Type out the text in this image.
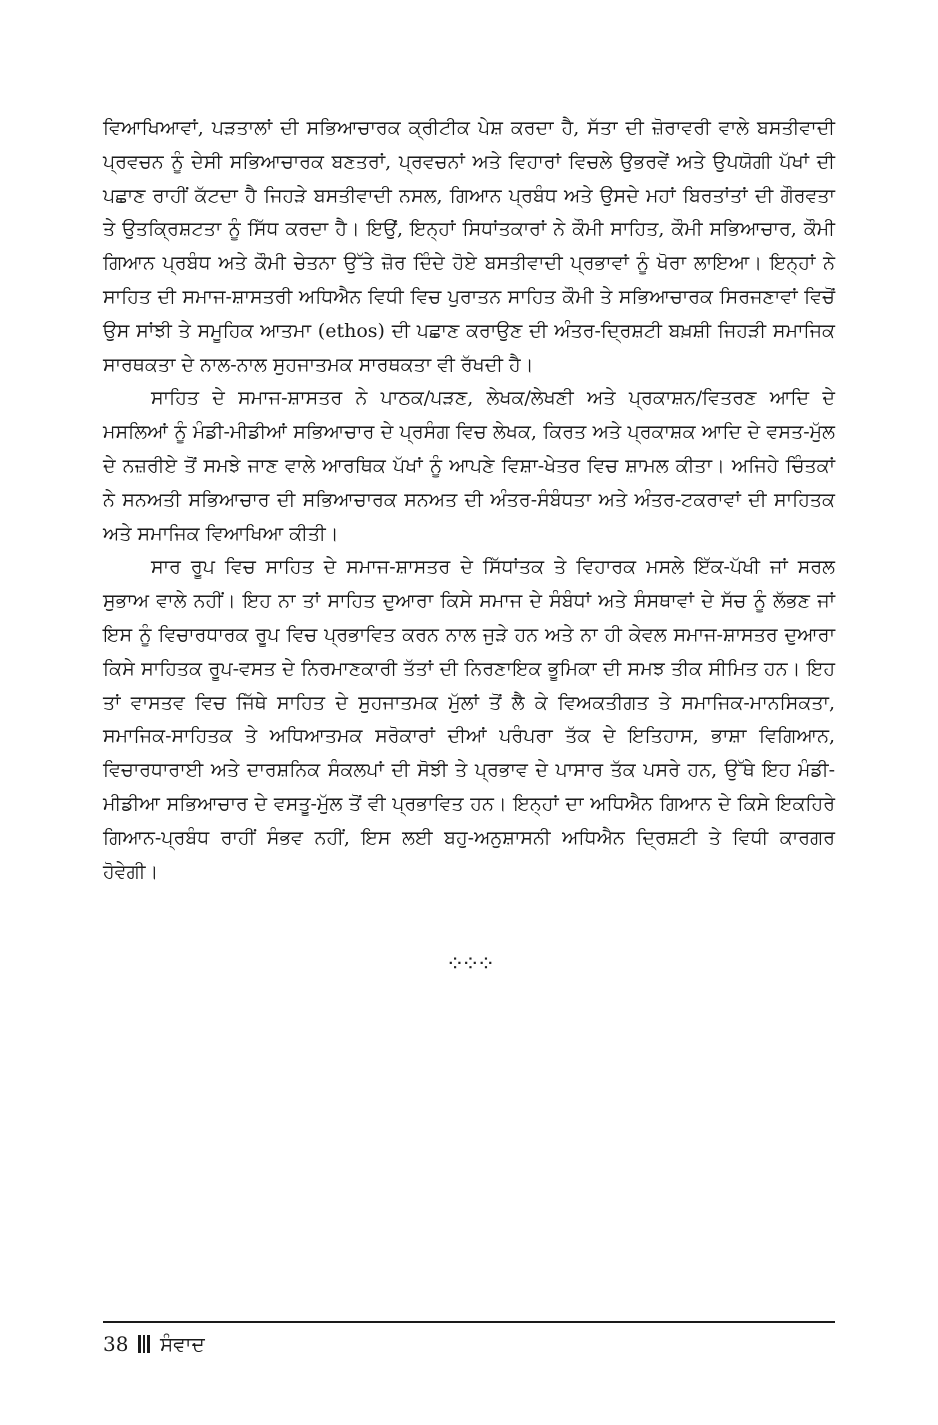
ਵਿਆਖਿਆਵਾਂ, ਪੜਤਾਲਾਂ ਦੀ ਸਭਿਆਚਾਰਕ ਕ੍ਰੀਟੀਕ ਪੇਸ਼ ਕਰਦਾ ਹੈ, ਸੱਤਾ ਦੀ ਜ਼ੋਰਾਵਰੀ ਵਾਲੇ ਬਸਤੀਵਾਦੀ ਪ੍ਰਵਚਨ ਨੂੰ ਦੇਸੀ ਸਭਿਆਚਾਰਕ ਬਣਤਰਾਂ, ਪ੍ਰਵਚਨਾਂ ਅਤੇ ਵਿਹਾਰਾਂ ਵਿਚਲੇ ਉਭਰਵੇਂ ਅਤੇ ਉਪਯੋਗੀ ਪੱਖਾਂ ਦੀ ਪਛਾਣ ਰਾਹੀਂ ਕੱਟਦਾ ਹੈ ਜਿਹੜੇ ਬਸਤੀਵਾਦੀ ਨਸਲ, ਗਿਆਨ ਪ੍ਰਬੰਧ ਅਤੇ ਉਸਦੇ ਮਹਾਂ ਬਿਰਤਾਂਤਾਂ ਦੀ ਗੌਰਵਤਾ ਤੇ ਉਤਕ੍ਰਿਸ਼ਟਤਾ ਨੂੰ ਸਿੱਧ ਕਰਦਾ ਹੈ। ਇਉਂ, ਇਨ੍ਹਾਂ ਸਿਧਾਂਤਕਾਰਾਂ ਨੇ ਕੌਮੀ ਸਾਹਿਤ, ਕੌਮੀ ਸਭਿਆਚਾਰ, ਕੌਮੀ ਗਿਆਨ ਪ੍ਰਬੰਧ ਅਤੇ ਕੌਮੀ ਚੇਤਨਾ ਉੱਤੇ ਜ਼ੋਰ ਦਿੰਦੇ ਹੋਏ ਬਸਤੀਵਾਦੀ ਪ੍ਰਭਾਵਾਂ ਨੂੰ ਖੋਰਾ ਲਾਇਆ। ਇਨ੍ਹਾਂ ਨੇ ਸਾਹਿਤ ਦੀ ਸਮਾਜ-ਸ਼ਾਸਤਰੀ ਅਧਿਐਨ ਵਿਧੀ ਵਿਚ ਪੁਰਾਤਨ ਸਾਹਿਤ ਕੌਮੀ ਤੇ ਸਭਿਆਚਾਰਕ ਸਿਰਜਣਾਵਾਂ ਵਿਚੋਂ ਉਸ ਸਾਂਝੀ ਤੇ ਸਮੂਹਿਕ ਆਤਮਾ (ethos) ਦੀ ਪਛਾਣ ਕਰਾਉਣ ਦੀ ਅੰਤਰ-ਦ੍ਰਿਸ਼ਟੀ ਬਖ਼ਸ਼ੀ ਜਿਹੜੀ ਸਮਾਜਿਕ ਸਾਰਥਕਤਾ ਦੇ ਨਾਲ-ਨਾਲ ਸੁਹਜਾਤਮਕ ਸਾਰਥਕਤਾ ਵੀ ਰੱਖਦੀ ਹੈ।

ਸਾਹਿਤ ਦੇ ਸਮਾਜ-ਸ਼ਾਸਤਰ ਨੇ ਪਾਠਕ/ਪੜਣ, ਲੇਖਕ/ਲੇਖਣੀ ਅਤੇ ਪ੍ਰਕਾਸ਼ਨ/ਵਿਤਰਣ ਆਦਿ ਦੇ ਮਸਲਿਆਂ ਨੂੰ ਮੰਡੀ-ਮੀਡੀਆਂ ਸਭਿਆਚਾਰ ਦੇ ਪ੍ਰਸੰਗ ਵਿਚ ਲੇਖਕ, ਕਿਰਤ ਅਤੇ ਪ੍ਰਕਾਸ਼ਕ ਆਦਿ ਦੇ ਵਸਤ-ਮੁੱਲ ਦੇ ਨਜ਼ਰੀਏ ਤੋਂ ਸਮਝੇ ਜਾਣ ਵਾਲੇ ਆਰਥਿਕ ਪੱਖਾਂ ਨੂੰ ਆਪਣੇ ਵਿਸ਼ਾ-ਖੇਤਰ ਵਿਚ ਸ਼ਾਮਲ ਕੀਤਾ। ਅਜਿਹੇ ਚਿੰਤਕਾਂ ਨੇ ਸਨਅਤੀ ਸਭਿਆਚਾਰ ਦੀ ਸਭਿਆਚਾਰਕ ਸਨਅਤ ਦੀ ਅੰਤਰ-ਸੰਬੰਧਤਾ ਅਤੇ ਅੰਤਰ-ਟਕਰਾਵਾਂ ਦੀ ਸਾਹਿਤਕ ਅਤੇ ਸਮਾਜਿਕ ਵਿਆਖਿਆ ਕੀਤੀ।

ਸਾਰ ਰੂਪ ਵਿਚ ਸਾਹਿਤ ਦੇ ਸਮਾਜ-ਸ਼ਾਸਤਰ ਦੇ ਸਿੱਧਾਂਤਕ ਤੇ ਵਿਹਾਰਕ ਮਸਲੇ ਇੱਕ-ਪੱਖੀ ਜਾਂ ਸਰਲ ਸੁਭਾਅ ਵਾਲੇ ਨਹੀਂ। ਇਹ ਨਾ ਤਾਂ ਸਾਹਿਤ ਦੁਆਰਾ ਕਿਸੇ ਸਮਾਜ ਦੇ ਸੰਬੰਧਾਂ ਅਤੇ ਸੰਸਥਾਵਾਂ ਦੇ ਸੱਚ ਨੂੰ ਲੱਭਣ ਜਾਂ ਇਸ ਨੂੰ ਵਿਚਾਰਧਾਰਕ ਰੂਪ ਵਿਚ ਪ੍ਰਭਾਵਿਤ ਕਰਨ ਨਾਲ ਜੁੜੇ ਹਨ ਅਤੇ ਨਾ ਹੀ ਕੇਵਲ ਸਮਾਜ-ਸ਼ਾਸਤਰ ਦੁਆਰਾ ਕਿਸੇ ਸਾਹਿਤਕ ਰੂਪ-ਵਸਤ ਦੇ ਨਿਰਮਾਣਕਾਰੀ ਤੱਤਾਂ ਦੀ ਨਿਰਣਾਇਕ ਭੂਮਿਕਾ ਦੀ ਸਮਝ ਤੀਕ ਸੀਮਿਤ ਹਨ। ਇਹ ਤਾਂ ਵਾਸਤਵ ਵਿਚ ਜਿੱਥੇ ਸਾਹਿਤ ਦੇ ਸੁਹਜਾਤਮਕ ਮੁੱਲਾਂ ਤੋਂ ਲੈ ਕੇ ਵਿਅਕਤੀਗਤ ਤੇ ਸਮਾਜਿਕ-ਮਾਨਸਿਕਤਾ, ਸਮਾਜਿਕ-ਸਾਹਿਤਕ ਤੇ ਅਧਿਆਤਮਕ ਸਰੋਕਾਰਾਂ ਦੀਆਂ ਪਰੰਪਰਾ ਤੱਕ ਦੇ ਇਤਿਹਾਸ, ਭਾਸ਼ਾ ਵਿਗਿਆਨ, ਵਿਚਾਰਧਾਰਾਈ ਅਤੇ ਦਾਰਸ਼ਨਿਕ ਸੰਕਲਪਾਂ ਦੀ ਸੋਝੀ ਤੇ ਪ੍ਰਭਾਵ ਦੇ ਪਾਸਾਰ ਤੱਕ ਪਸਰੇ ਹਨ, ਉੱਥੇ ਇਹ ਮੰਡੀ-ਮੀਡੀਆ ਸਭਿਆਚਾਰ ਦੇ ਵਸਤੂ-ਮੁੱਲ ਤੋਂ ਵੀ ਪ੍ਰਭਾਵਿਤ ਹਨ। ਇਨ੍ਹਾਂ ਦਾ ਅਧਿਐਨ ਗਿਆਨ ਦੇ ਕਿਸੇ ਇਕਹਿਰੇ ਗਿਆਨ-ਪ੍ਰਬੰਧ ਰਾਹੀਂ ਸੰਭਵ ਨਹੀਂ, ਇਸ ਲਈ ਬਹੁ-ਅਨੁਸ਼ਾਸਨੀ ਅਧਿਐਨ ਦ੍ਰਿਸ਼ਟੀ ਤੇ ਵਿਧੀ ਕਾਰਗਰ ਹੋਵੇਗੀ।

⁘⁘⁘
38 ਸੰਵਾਦ
